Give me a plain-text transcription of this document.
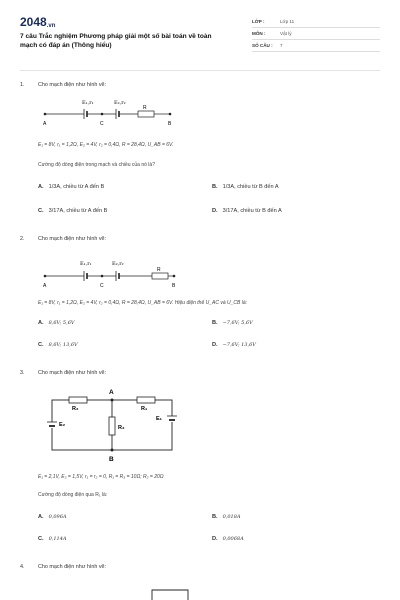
2048.vn
7 câu Trắc nghiệm Phương pháp giải một số bài toán về toàn mạch có đáp án (Thông hiểu)
LỚP :	Lớp 11
MÔN :	Vật lý
SỐ CÂU :	7
1.	Cho mạch điện như hình vẽ:
E₁,r₁	E₂,r₂
A	C
R
B
E₁ = 8V, r₁ = 1,2Ω, E₂ = 4V, r₂ = 0,4Ω, R = 28,4Ω, U_AB = 6V.
Cường độ dòng điện trong mạch và chiều của nó là?
A. 1/3A, chiều từ A đến B	B. 1/3A, chiều từ B đến A
C. 3/17A, chiều từ A đến B	D. 3/17A, chiều từ B đến A
2.	Cho mạch điện như hình vẽ:
E₁,r₁	E₂,r₂
A	C
R
B
E₁ = 8V, r₁ = 1,2Ω, E₂ = 4V, r₂ = 0,4Ω, R = 28,4Ω, U_AB = 6V. Hiệu điện thế U_AC và U_CB là:
A. 8,6V; 5,6V	B. −7,6V; 5,6V
C. 8,6V; 13,6V	D. −7,6V; 13,6V
3.	Cho mạch điện như hình vẽ:
A
R₂	R₁
E₂
E₁
R₃
B
E₁ = 2,1V, E₂ = 1,5V, r₁ = r₂ = 0, R₁ = R₃ = 10Ω; R₂ = 20Ω
Cường độ dòng điện qua R₁ là:
A. 0,096A	B. 0,018A
C. 0,114A	D. 0,0068A
4.	Cho mạch điện như hình vẽ:
